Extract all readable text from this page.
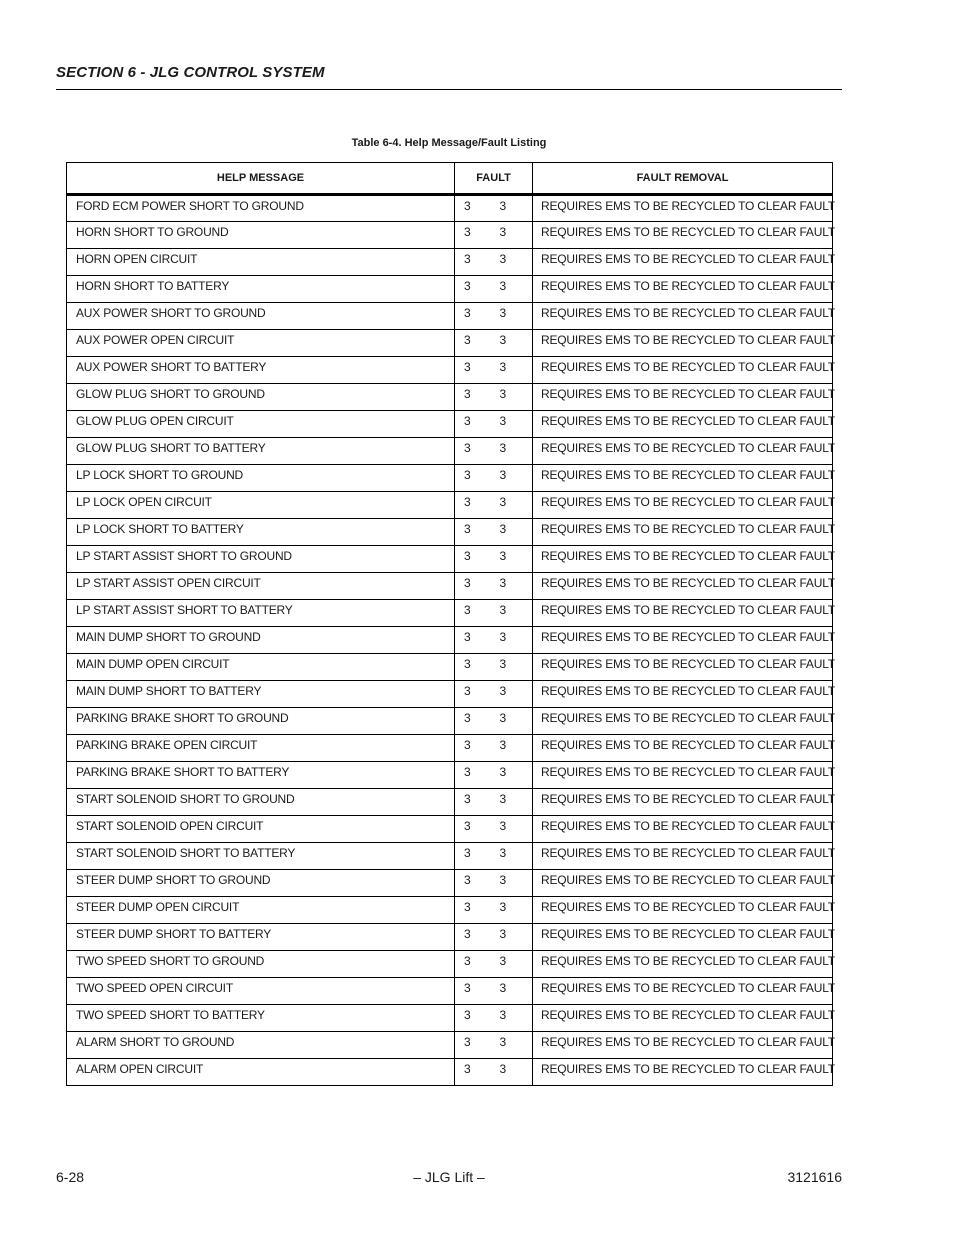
SECTION 6 - JLG CONTROL SYSTEM
Table 6-4. Help Message/Fault Listing
HELP MESSAGE	FAULT	FAULT REMOVAL
FORD ECM POWER SHORT TO GROUND	3 3	REQUIRES EMS TO BE RECYCLED TO CLEAR FAULT
HORN SHORT TO GROUND	3 3	REQUIRES EMS TO BE RECYCLED TO CLEAR FAULT
HORN OPEN CIRCUIT	3 3	REQUIRES EMS TO BE RECYCLED TO CLEAR FAULT
HORN SHORT TO BATTERY	3 3	REQUIRES EMS TO BE RECYCLED TO CLEAR FAULT
AUX POWER SHORT TO GROUND	3 3	REQUIRES EMS TO BE RECYCLED TO CLEAR FAULT
AUX POWER OPEN CIRCUIT	3 3	REQUIRES EMS TO BE RECYCLED TO CLEAR FAULT
AUX POWER SHORT TO BATTERY	3 3	REQUIRES EMS TO BE RECYCLED TO CLEAR FAULT
GLOW PLUG SHORT TO GROUND	3 3	REQUIRES EMS TO BE RECYCLED TO CLEAR FAULT
GLOW PLUG OPEN CIRCUIT	3 3	REQUIRES EMS TO BE RECYCLED TO CLEAR FAULT
GLOW PLUG SHORT TO BATTERY	3 3	REQUIRES EMS TO BE RECYCLED TO CLEAR FAULT
LP LOCK SHORT TO GROUND	3 3	REQUIRES EMS TO BE RECYCLED TO CLEAR FAULT
LP LOCK OPEN CIRCUIT	3 3	REQUIRES EMS TO BE RECYCLED TO CLEAR FAULT
LP LOCK SHORT TO BATTERY	3 3	REQUIRES EMS TO BE RECYCLED TO CLEAR FAULT
LP START ASSIST SHORT TO GROUND	3 3	REQUIRES EMS TO BE RECYCLED TO CLEAR FAULT
LP START ASSIST OPEN CIRCUIT	3 3	REQUIRES EMS TO BE RECYCLED TO CLEAR FAULT
LP START ASSIST SHORT TO BATTERY	3 3	REQUIRES EMS TO BE RECYCLED TO CLEAR FAULT
MAIN DUMP SHORT TO GROUND	3 3	REQUIRES EMS TO BE RECYCLED TO CLEAR FAULT
MAIN DUMP OPEN CIRCUIT	3 3	REQUIRES EMS TO BE RECYCLED TO CLEAR FAULT
MAIN DUMP SHORT TO BATTERY	3 3	REQUIRES EMS TO BE RECYCLED TO CLEAR FAULT
PARKING BRAKE SHORT TO GROUND	3 3	REQUIRES EMS TO BE RECYCLED TO CLEAR FAULT
PARKING BRAKE OPEN CIRCUIT	3 3	REQUIRES EMS TO BE RECYCLED TO CLEAR FAULT
PARKING BRAKE SHORT TO BATTERY	3 3	REQUIRES EMS TO BE RECYCLED TO CLEAR FAULT
START SOLENOID SHORT TO GROUND	3 3	REQUIRES EMS TO BE RECYCLED TO CLEAR FAULT
START SOLENOID OPEN CIRCUIT	3 3	REQUIRES EMS TO BE RECYCLED TO CLEAR FAULT
START SOLENOID SHORT TO BATTERY	3 3	REQUIRES EMS TO BE RECYCLED TO CLEAR FAULT
STEER DUMP SHORT TO GROUND	3 3	REQUIRES EMS TO BE RECYCLED TO CLEAR FAULT
STEER DUMP OPEN CIRCUIT	3 3	REQUIRES EMS TO BE RECYCLED TO CLEAR FAULT
STEER DUMP SHORT TO BATTERY	3 3	REQUIRES EMS TO BE RECYCLED TO CLEAR FAULT
TWO SPEED SHORT TO GROUND	3 3	REQUIRES EMS TO BE RECYCLED TO CLEAR FAULT
TWO SPEED OPEN CIRCUIT	3 3	REQUIRES EMS TO BE RECYCLED TO CLEAR FAULT
TWO SPEED SHORT TO BATTERY	3 3	REQUIRES EMS TO BE RECYCLED TO CLEAR FAULT
ALARM SHORT TO GROUND	3 3	REQUIRES EMS TO BE RECYCLED TO CLEAR FAULT
ALARM OPEN CIRCUIT	3 3	REQUIRES EMS TO BE RECYCLED TO CLEAR FAULT
6-28	– JLG Lift –	3121616
